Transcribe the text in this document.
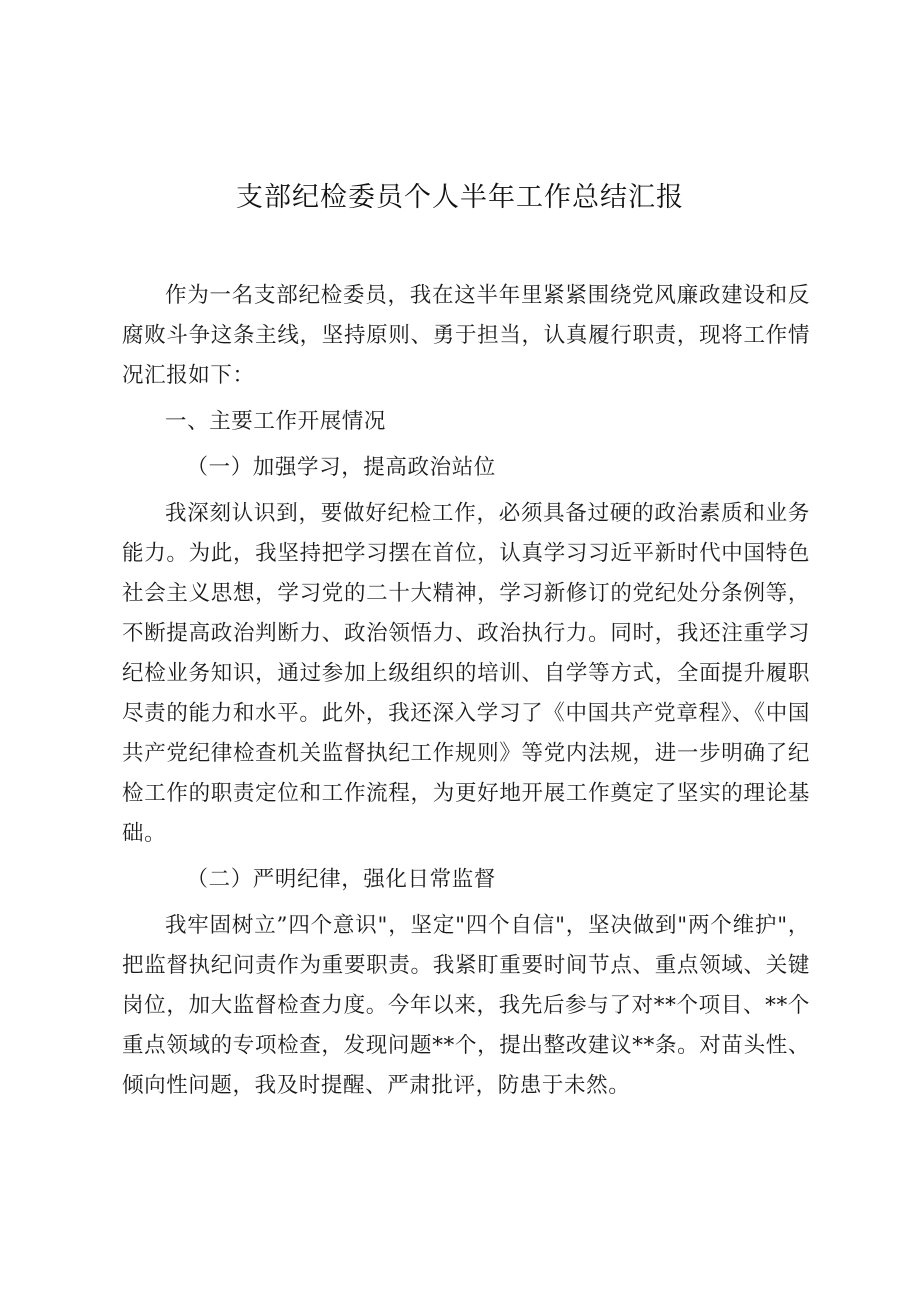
支部纪检委员个人半年工作总结汇报

作为一名支部纪检委员，我在这半年里紧紧围绕党风廉政建设和反腐败斗争这条主线，坚持原则、勇于担当，认真履行职责，现将工作情况汇报如下：

一、主要工作开展情况

（一）加强学习，提高政治站位

我深刻认识到，要做好纪检工作，必须具备过硬的政治素质和业务能力。为此，我坚持把学习摆在首位，认真学习习近平新时代中国特色社会主义思想，学习党的二十大精神，学习新修订的党纪处分条例等，不断提高政治判断力、政治领悟力、政治执行力。同时，我还注重学习纪检业务知识，通过参加上级组织的培训、自学等方式，全面提升履职尽责的能力和水平。此外，我还深入学习了《中国共产党章程》、《中国共产党纪律检查机关监督执纪工作规则》等党内法规，进一步明确了纪检工作的职责定位和工作流程，为更好地开展工作奠定了坚实的理论基础。

（二）严明纪律，强化日常监督

我牢固树立”四个意识"，坚定"四个自信"，坚决做到"两个维护"，把监督执纪问责作为重要职责。我紧盯重要时间节点、重点领域、关键岗位，加大监督检查力度。今年以来，我先后参与了对**个项目、**个重点领域的专项检查，发现问题**个，提出整改建议**条。对苗头性、倾向性问题，我及时提醒、严肃批评，防患于未然。
